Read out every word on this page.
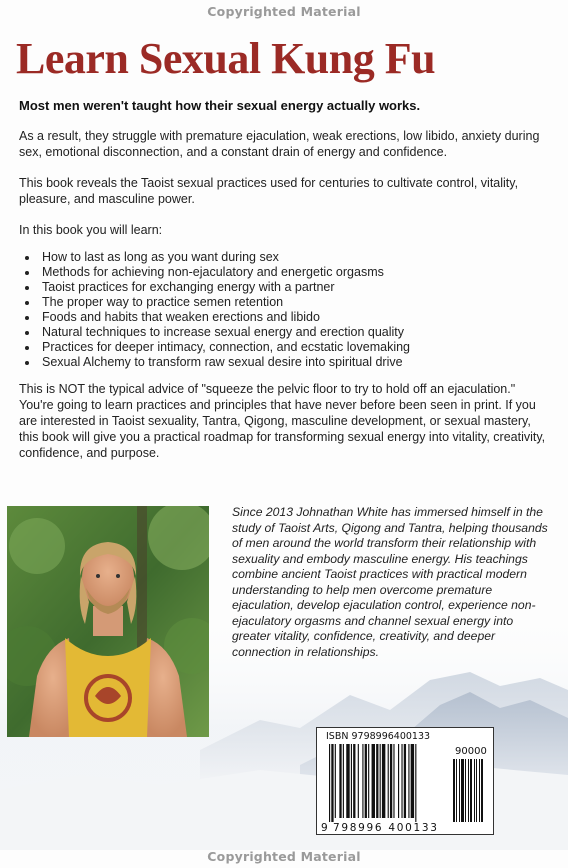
Copyrighted Material
Learn Sexual Kung Fu

Most men weren't taught how their sexual energy actually works.

As a result, they struggle with premature ejaculation, weak erections, low libido, anxiety during sex, emotional disconnection, and a constant drain of energy and confidence.

This book reveals the Taoist sexual practices used for centuries to cultivate control, vitality, pleasure, and masculine power.

In this book you will learn:

• How to last as long as you want during sex
• Methods for achieving non-ejaculatory and energetic orgasms
• Taoist practices for exchanging energy with a partner
• The proper way to practice semen retention
• Foods and habits that weaken erections and libido
• Natural techniques to increase sexual energy and erection quality
• Practices for deeper intimacy, connection, and ecstatic lovemaking
• Sexual Alchemy to transform raw sexual desire into spiritual drive

This is NOT the typical advice of "squeeze the pelvic floor to try to hold off an ejaculation." You're going to learn practices and principles that have never before been seen in print. If you are interested in Taoist sexuality, Tantra, Qigong, masculine development, or sexual mastery, this book will give you a practical roadmap for transforming sexual energy into vitality, creativity, confidence, and purpose.

Since 2013 Johnathan White has immersed himself in the study of Taoist Arts, Qigong and Tantra, helping thousands of men around the world transform their relationship with sexuality and embody masculine energy. His teachings combine ancient Taoist practices with practical modern understanding to help men overcome premature ejaculation, develop ejaculation control, experience non-ejaculatory orgasms and channel sexual energy into greater vitality, confidence, creativity, and deeper connection in relationships.

ISBN 9798996400133
90000
9 798996 400133
Copyrighted Material
